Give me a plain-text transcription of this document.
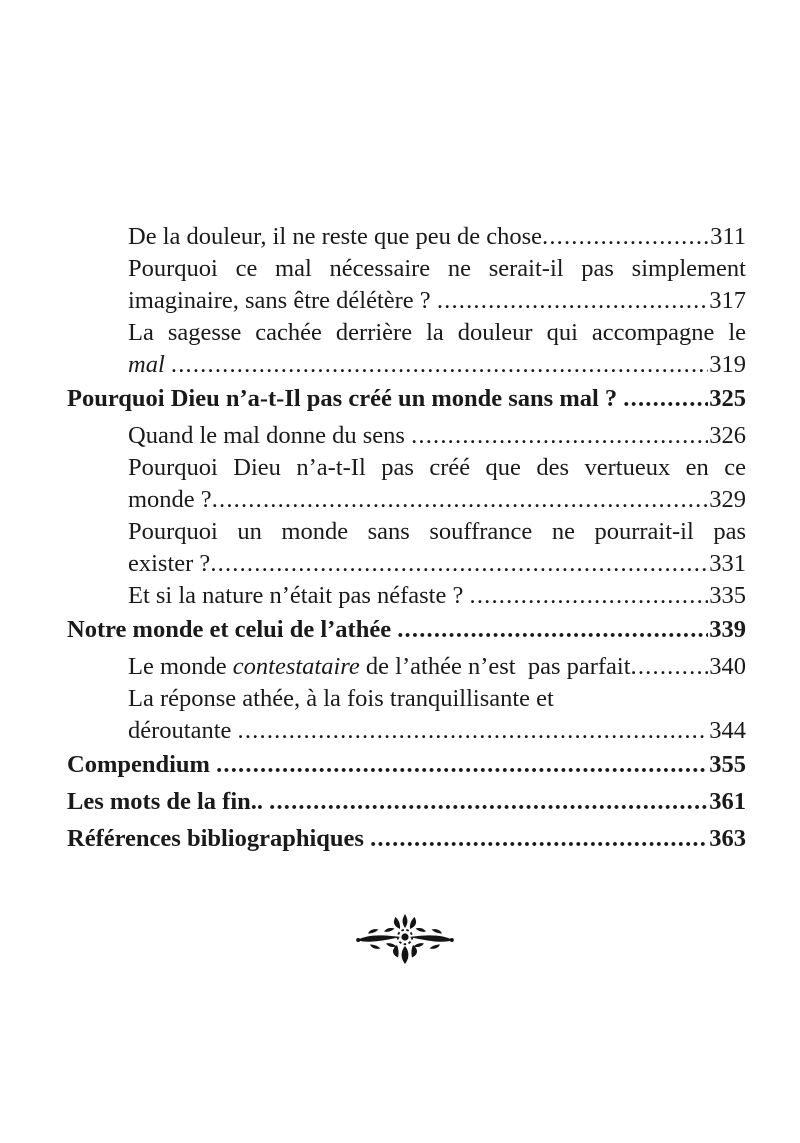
De la douleur, il ne reste que peu de chose .....	311
Pourquoi ce mal nécessaire ne serait-il pas simplement
imaginaire, sans être délétère ? .....	317
La sagesse cachée derrière la douleur qui accompagne le
mal .....	319
Pourquoi Dieu n’a-t-Il pas créé un monde sans mal ? .....	325
Quand le mal donne du sens .....	326
Pourquoi Dieu n’a-t-Il pas créé que des vertueux en ce
monde ? .....	329
Pourquoi un monde sans souffrance ne pourrait-il pas
exister ? .....	331
Et si la nature n’était pas néfaste ? .....	335
Notre monde et celui de l’athée .....	339
Le monde contestataire de l’athée n’est  pas parfait .....	340
La réponse athée, à la fois tranquillisante et
déroutante .....	344
Compendium .....	355
Les mots de la fin.. .....	361
Références bibliographiques .....	363
